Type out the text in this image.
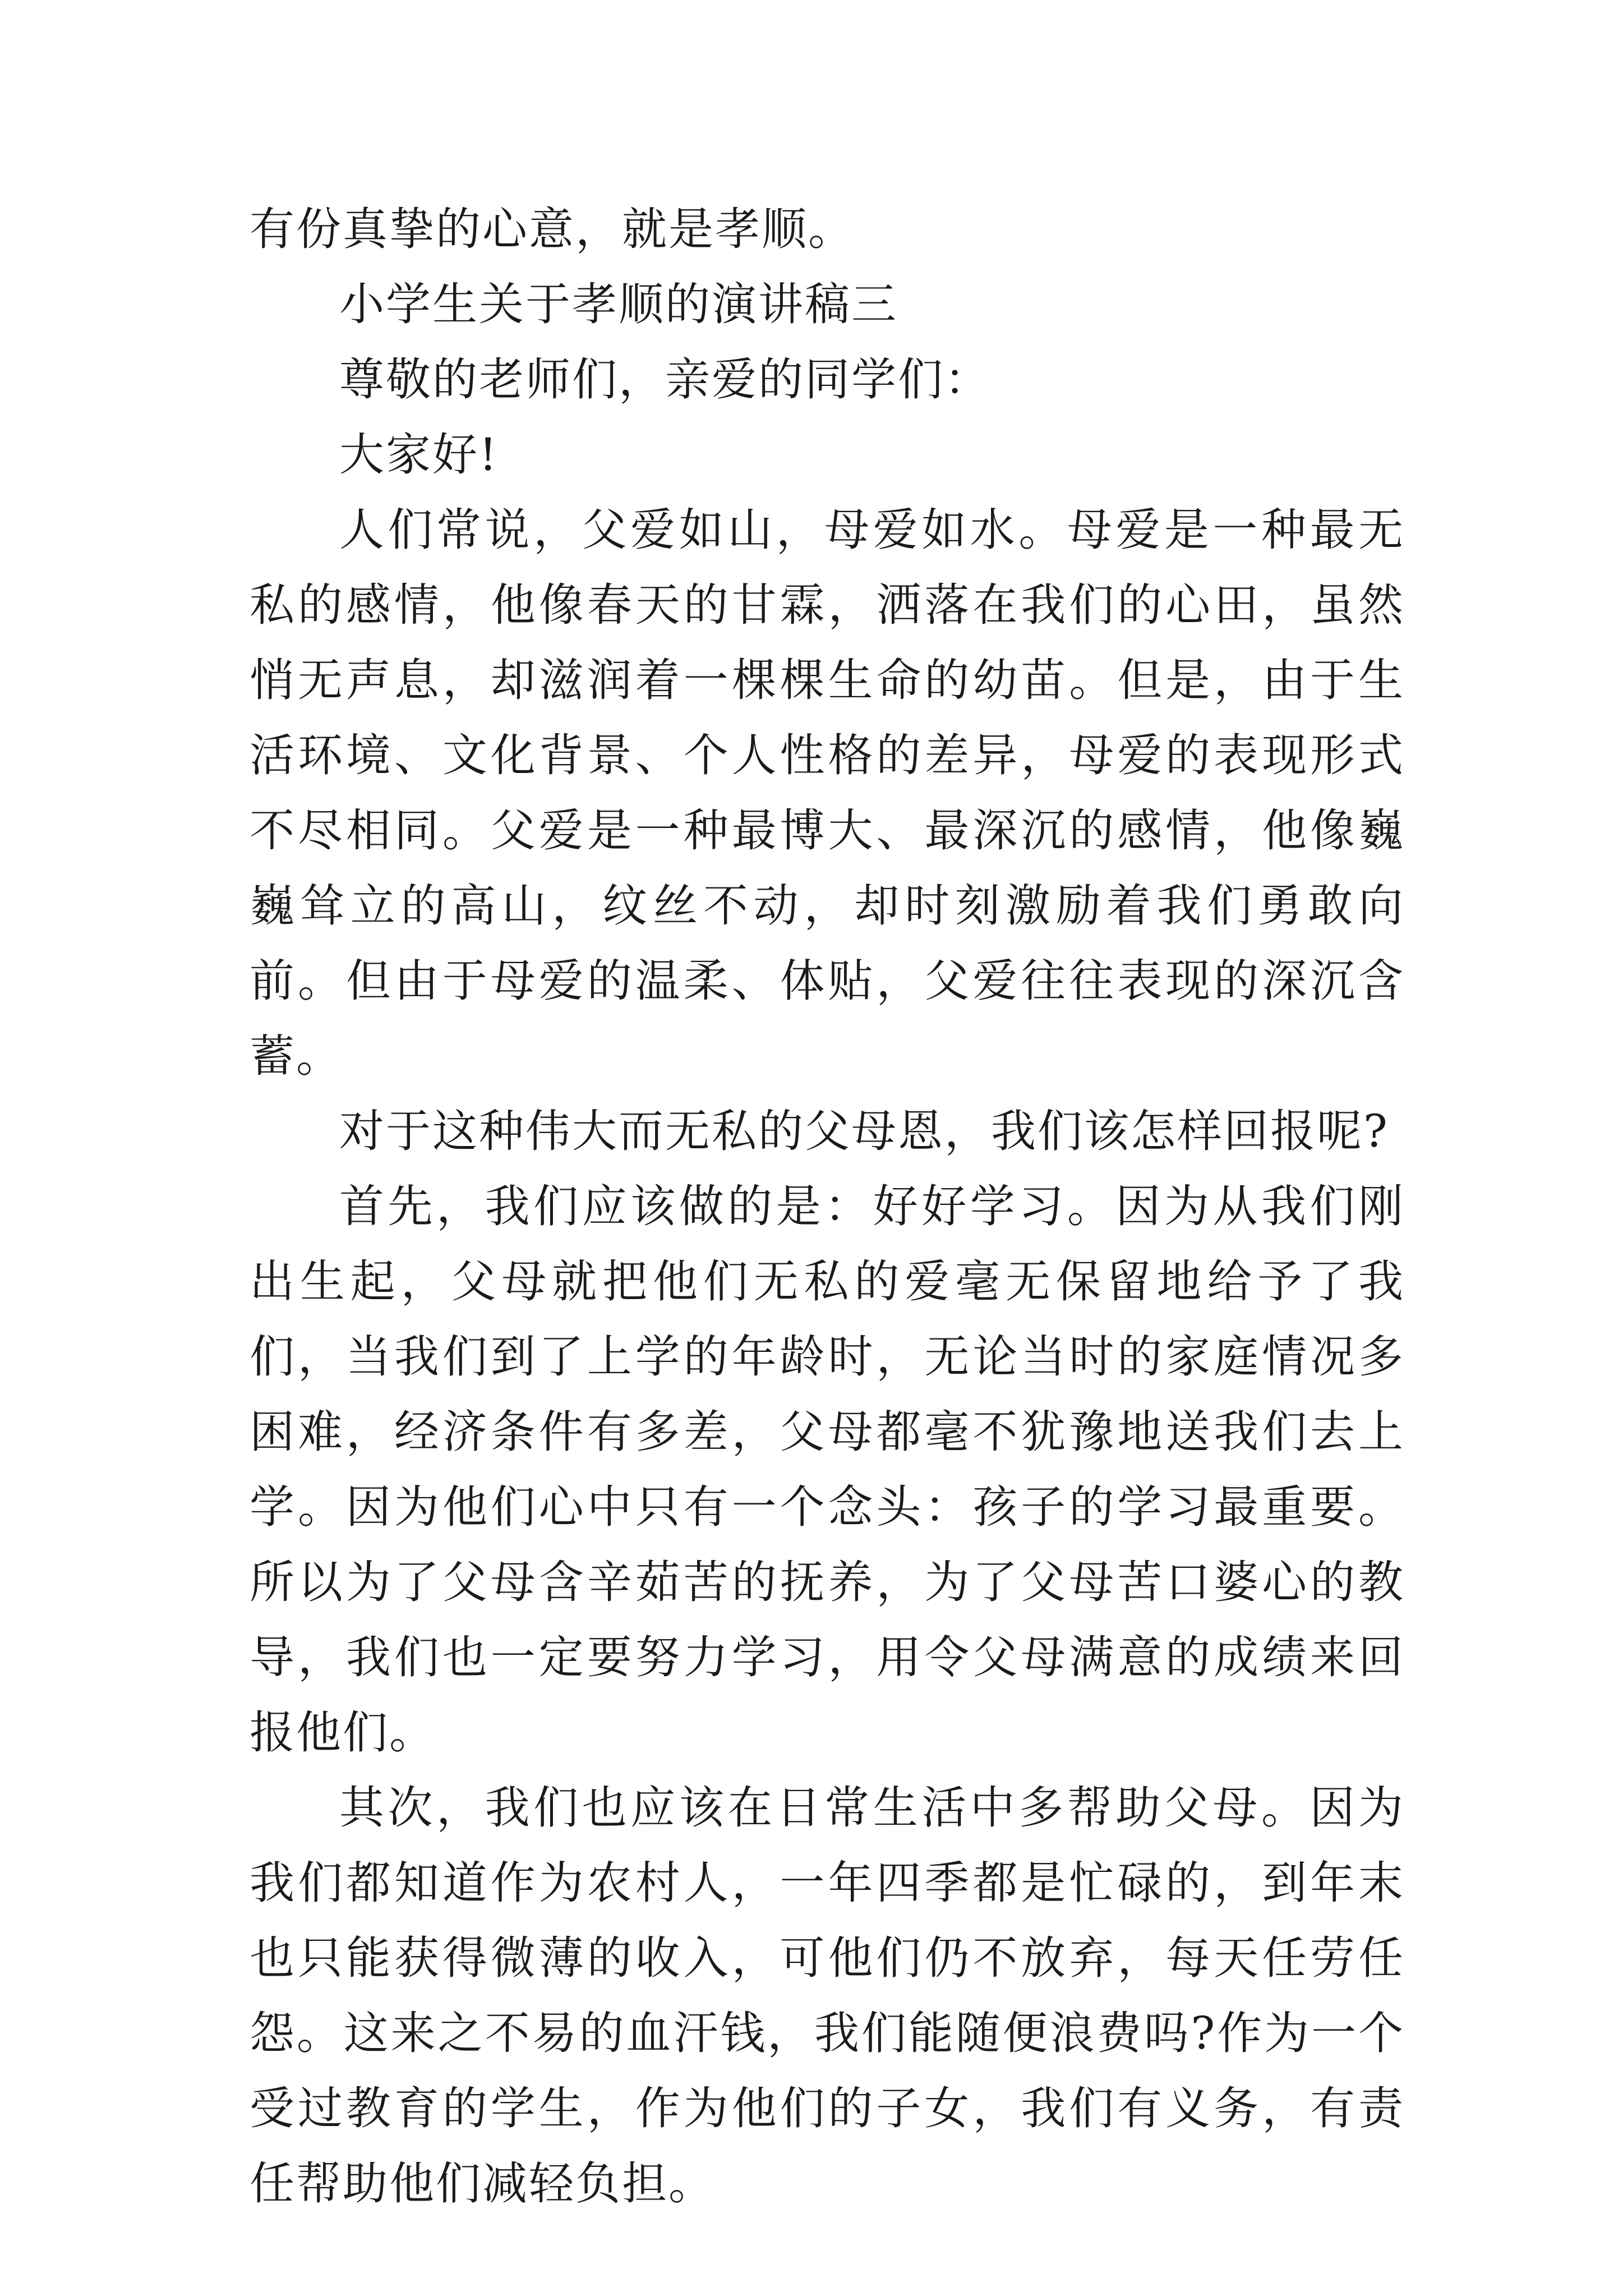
有份真挚的心意，就是孝顺。

小学生关于孝顺的演讲稿三

尊敬的老师们，亲爱的同学们：

大家好!

人们常说，父爱如山，母爱如水。母爱是一种最无私的感情，他像春天的甘霖，洒落在我们的心田，虽然悄无声息，却滋润着一棵棵生命的幼苗。但是，由于生活环境、文化背景、个人性格的差异，母爱的表现形式不尽相同。父爱是一种最博大、最深沉的感情，他像巍巍耸立的高山，纹丝不动，却时刻激励着我们勇敢向前。但由于母爱的温柔、体贴，父爱往往表现的深沉含蓄。

对于这种伟大而无私的父母恩，我们该怎样回报呢?

首先，我们应该做的是：好好学习。因为从我们刚出生起，父母就把他们无私的爱毫无保留地给予了我们，当我们到了上学的年龄时，无论当时的家庭情况多困难，经济条件有多差，父母都毫不犹豫地送我们去上学。因为他们心中只有一个念头：孩子的学习最重要。所以为了父母含辛茹苦的抚养，为了父母苦口婆心的教导，我们也一定要努力学习，用令父母满意的成绩来回报他们。

其次，我们也应该在日常生活中多帮助父母。因为我们都知道作为农村人，一年四季都是忙碌的，到年末也只能获得微薄的收入，可他们仍不放弃，每天任劳任怨。这来之不易的血汗钱，我们能随便浪费吗?作为一个受过教育的学生，作为他们的子女，我们有义务，有责任帮助他们减轻负担。
